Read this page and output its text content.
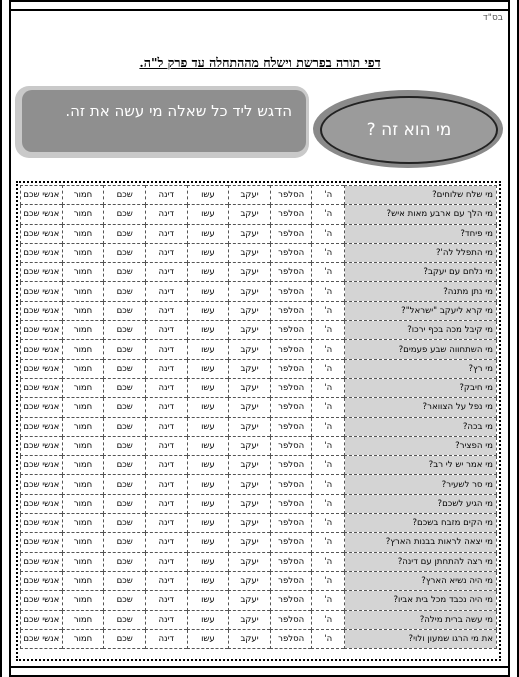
בס"ד
דפי תורה בפרשת וישלח מההתחלה עד פרק ל"ה.
מי הוא זה ?
הדגש ליד כל שאלה מי עשה את זה.
מי שלח שלוחים?	ה'	הסלפר	יעקב	עשו	דינה	שכם	חמור	אנשי שכם
מי הלך עם ארבע מאות איש?	ה'	הסלפר	יעקב	עשו	דינה	שכם	חמור	אנשי שכם
מי פיחד?	ה'	הסלפר	יעקב	עשו	דינה	שכם	חמור	אנשי שכם
מי התפלל לה'?	ה'	הסלפר	יעקב	עשו	דינה	שכם	חמור	אנשי שכם
מי נלחם עם יעקב?	ה'	הסלפר	יעקב	עשו	דינה	שכם	חמור	אנשי שכם
מי נתן מתנה?	ה'	הסלפר	יעקב	עשו	דינה	שכם	חמור	אנשי שכם
מי קרא ליעקב "ישראל"?	ה'	הסלפר	יעקב	עשו	דינה	שכם	חמור	אנשי שכם
מי קיבל מכה בכף ירכו?	ה'	הסלפר	יעקב	עשו	דינה	שכם	חמור	אנשי שכם
מי השתחווה שבע פעמים?	ה'	הסלפר	יעקב	עשו	דינה	שכם	חמור	אנשי שכם
מי רץ?	ה'	הסלפר	יעקב	עשו	דינה	שכם	חמור	אנשי שכם
מי חיבק?	ה'	הסלפר	יעקב	עשו	דינה	שכם	חמור	אנשי שכם
מי נפל על הצוואר?	ה'	הסלפר	יעקב	עשו	דינה	שכם	חמור	אנשי שכם
מי בכה?	ה'	הסלפר	יעקב	עשו	דינה	שכם	חמור	אנשי שכם
מי הפציר?	ה'	הסלפר	יעקב	עשו	דינה	שכם	חמור	אנשי שכם
מי אמר יש לי רב?	ה'	הסלפר	יעקב	עשו	דינה	שכם	חמור	אנשי שכם
מי סר לשעיר?	ה'	הסלפר	יעקב	עשו	דינה	שכם	חמור	אנשי שכם
מי הגיע לשכם?	ה'	הסלפר	יעקב	עשו	דינה	שכם	חמור	אנשי שכם
מי הקים מזבח בשכם?	ה'	הסלפר	יעקב	עשו	דינה	שכם	חמור	אנשי שכם
מי יצאה לראות בבנות הארץ?	ה'	הסלפר	יעקב	עשו	דינה	שכם	חמור	אנשי שכם
מי רצה להתחתן עם דינה?	ה'	הסלפר	יעקב	עשו	דינה	שכם	חמור	אנשי שכם
מי היה נשיא הארץ?	ה'	הסלפר	יעקב	עשו	דינה	שכם	חמור	אנשי שכם
מי היה נכבד מכל בית אביו?	ה'	הסלפר	יעקב	עשו	דינה	שכם	חמור	אנשי שכם
מי עשה ברית מילה?	ה'	הסלפר	יעקב	עשו	דינה	שכם	חמור	אנשי שכם
את מי הרגו שמעון ולוי?	ה'	הסלפר	יעקב	עשו	דינה	שכם	חמור	אנשי שכם
